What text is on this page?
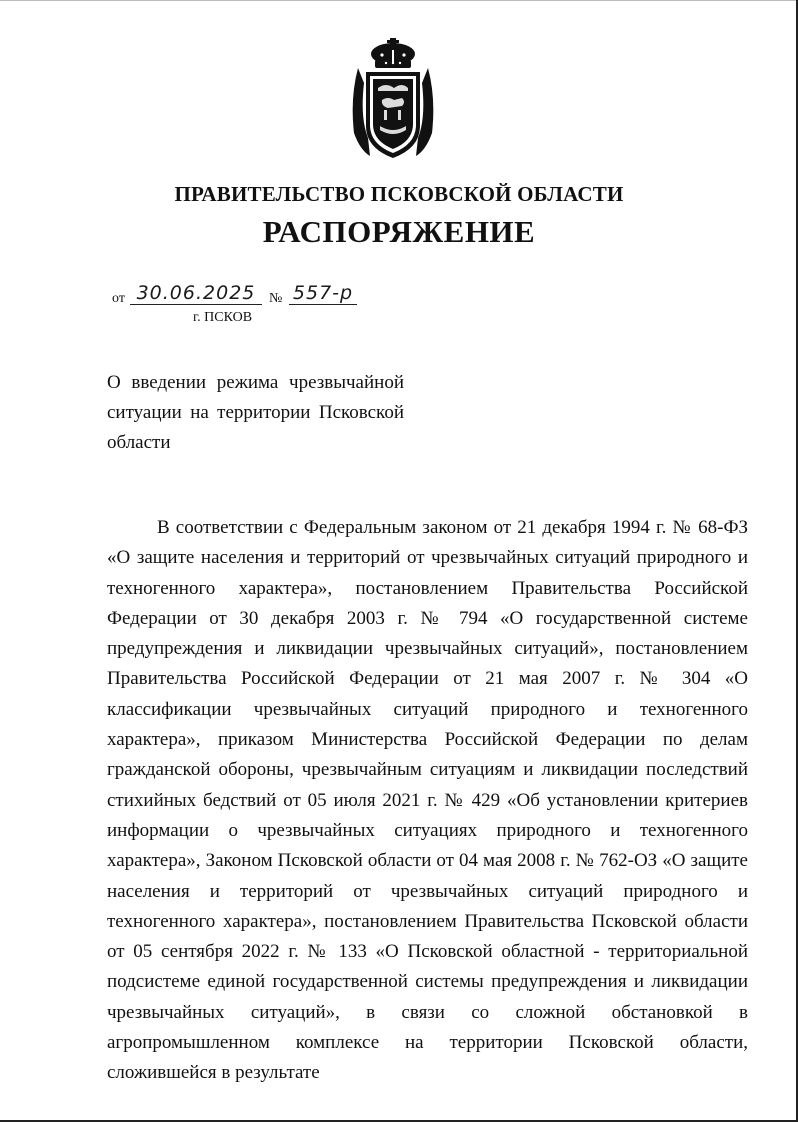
ПРАВИТЕЛЬСТВО ПСКОВСКОЙ ОБЛАСТИ
РАСПОРЯЖЕНИЕ
от 30.06.2025 № 557-р
г. ПСКОВ
О введении режима чрезвычайной ситуации на территории Псковской области

В соответствии с Федеральным законом от 21 декабря 1994 г. № 68-ФЗ «О защите населения и территорий от чрезвычайных ситуаций природного и техногенного характера», постановлением Правительства Российской Федерации от 30 декабря 2003 г. № 794 «О государственной системе предупреждения и ликвидации чрезвычайных ситуаций», постановлением Правительства Российской Федерации от 21 мая 2007 г. № 304 «О классификации чрезвычайных ситуаций природного и техногенного характера», приказом Министерства Российской Федерации по делам гражданской обороны, чрезвычайным ситуациям и ликвидации последствий стихийных бедствий от 05 июля 2021 г. № 429 «Об установлении критериев информации о чрезвычайных ситуациях природного и техногенного характера», Законом Псковской области от 04 мая 2008 г. № 762-ОЗ «О защите населения и территорий от чрезвычайных ситуаций природного и техногенного характера», постановлением Правительства Псковской области от 05 сентября 2022 г. № 133 «О Псковской областной - территориальной подсистеме единой государственной системы предупреждения и ликвидации чрезвычайных ситуаций», в связи со сложной обстановкой в агропромышленном комплексе на территории Псковской области, сложившейся в результате
